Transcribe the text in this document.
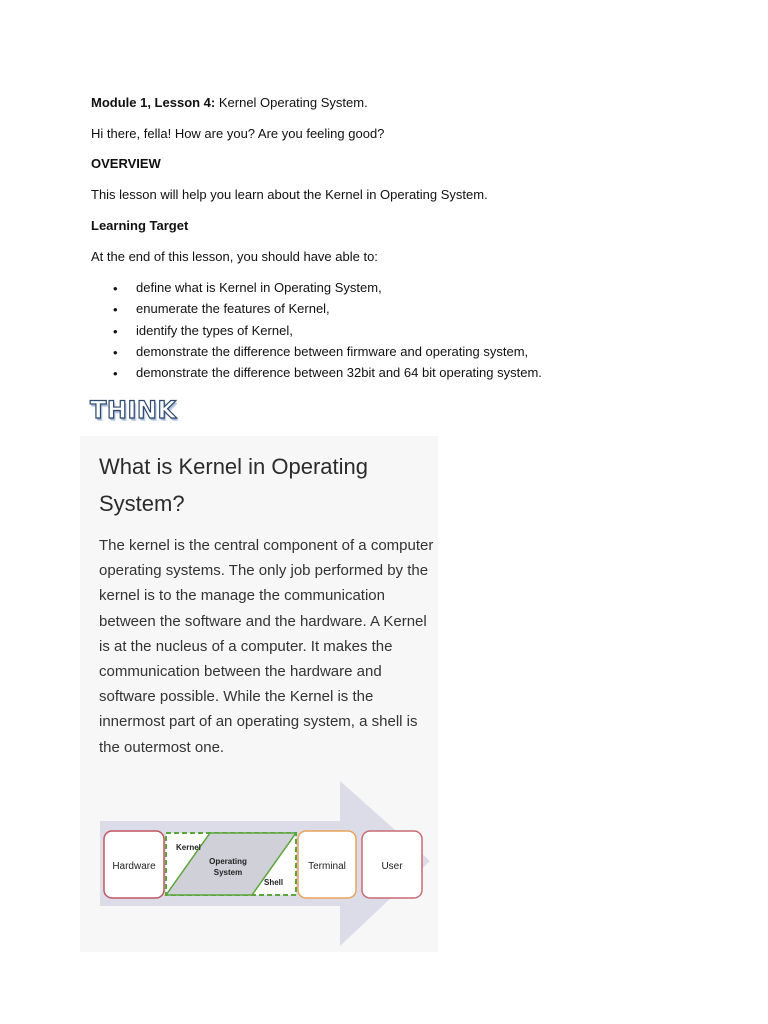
Module 1, Lesson 4: Kernel Operating System.
Hi there, fella! How are you? Are you feeling good?
OVERVIEW
This lesson will help you learn about the Kernel in Operating System.
Learning Target
At the end of this lesson, you should have able to:
• define what is Kernel in Operating System,
• enumerate the features of Kernel,
• identify the types of Kernel,
• demonstrate the difference between firmware and operating system,
• demonstrate the difference between 32bit and 64 bit operating system.
THINK
What is Kernel in Operating System?
The kernel is the central component of a computer operating systems. The only job performed by the kernel is to the manage the communication between the software and the hardware. A Kernel is at the nucleus of a computer. It makes the communication between the hardware and software possible. While the Kernel is the innermost part of an operating system, a shell is the outermost one.
Hardware
Kernel
Operating
System
Shell
Terminal	User
